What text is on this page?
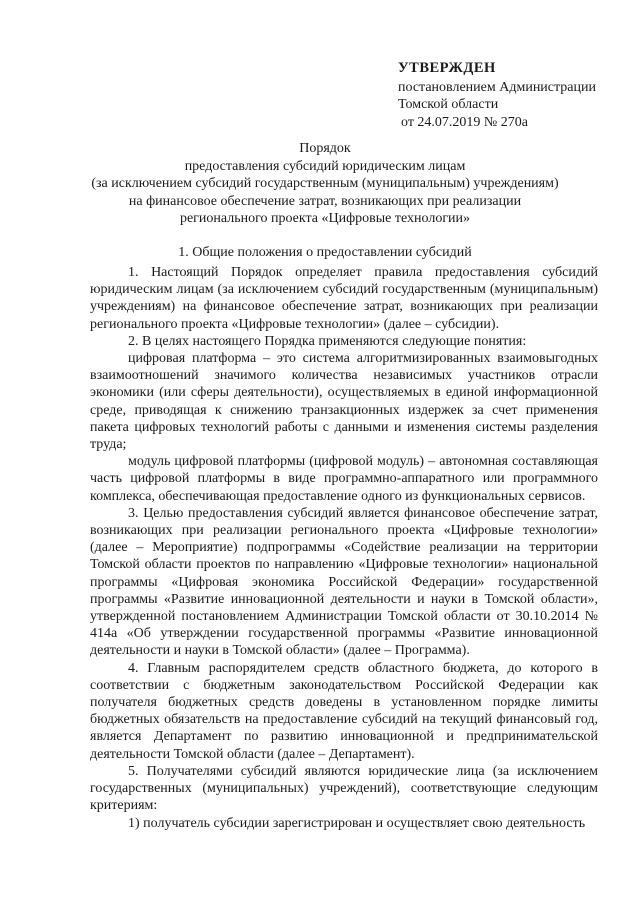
УТВЕРЖДЕН
постановлением Администрации
Томской области
от 24.07.2019 № 270а
Порядок
предоставления субсидий юридическим лицам
(за исключением субсидий государственным (муниципальным) учреждениям)
на финансовое обеспечение затрат, возникающих при реализации
регионального проекта «Цифровые технологии»
1. Общие положения о предоставлении субсидий

1. Настоящий Порядок определяет правила предоставления субсидий юридическим лицам (за исключением субсидий государственным (муниципальным) учреждениям) на финансовое обеспечение затрат, возникающих при реализации регионального проекта «Цифровые технологии» (далее – субсидии).

2. В целях настоящего Порядка применяются следующие понятия:

цифровая платформа – это система алгоритмизированных взаимовыгодных взаимоотношений значимого количества независимых участников отрасли экономики (или сферы деятельности), осуществляемых в единой информационной среде, приводящая к снижению транзакционных издержек за счет применения пакета цифровых технологий работы с данными и изменения системы разделения труда;

модуль цифровой платформы (цифровой модуль) – автономная составляющая часть цифровой платформы в виде программно-аппаратного или программного комплекса, обеспечивающая предоставление одного из функциональных сервисов.

3. Целью предоставления субсидий является финансовое обеспечение затрат, возникающих при реализации регионального проекта «Цифровые технологии» (далее – Мероприятие) подпрограммы «Содействие реализации на территории Томской области проектов по направлению «Цифровые технологии» национальной программы «Цифровая экономика Российской Федерации» государственной программы «Развитие инновационной деятельности и науки в Томской области», утвержденной постановлением Администрации Томской области от 30.10.2014 № 414а «Об утверждении государственной программы «Развитие инновационной деятельности и науки в Томской области» (далее – Программа).

4. Главным распорядителем средств областного бюджета, до которого в соответствии с бюджетным законодательством Российской Федерации как получателя бюджетных средств доведены в установленном порядке лимиты бюджетных обязательств на предоставление субсидий на текущий финансовый год, является Департамент по развитию инновационной и предпринимательской деятельности Томской области (далее – Департамент).

5. Получателями субсидий являются юридические лица (за исключением государственных (муниципальных) учреждений), соответствующие следующим критериям:

1) получатель субсидии зарегистрирован и осуществляет свою деятельность
